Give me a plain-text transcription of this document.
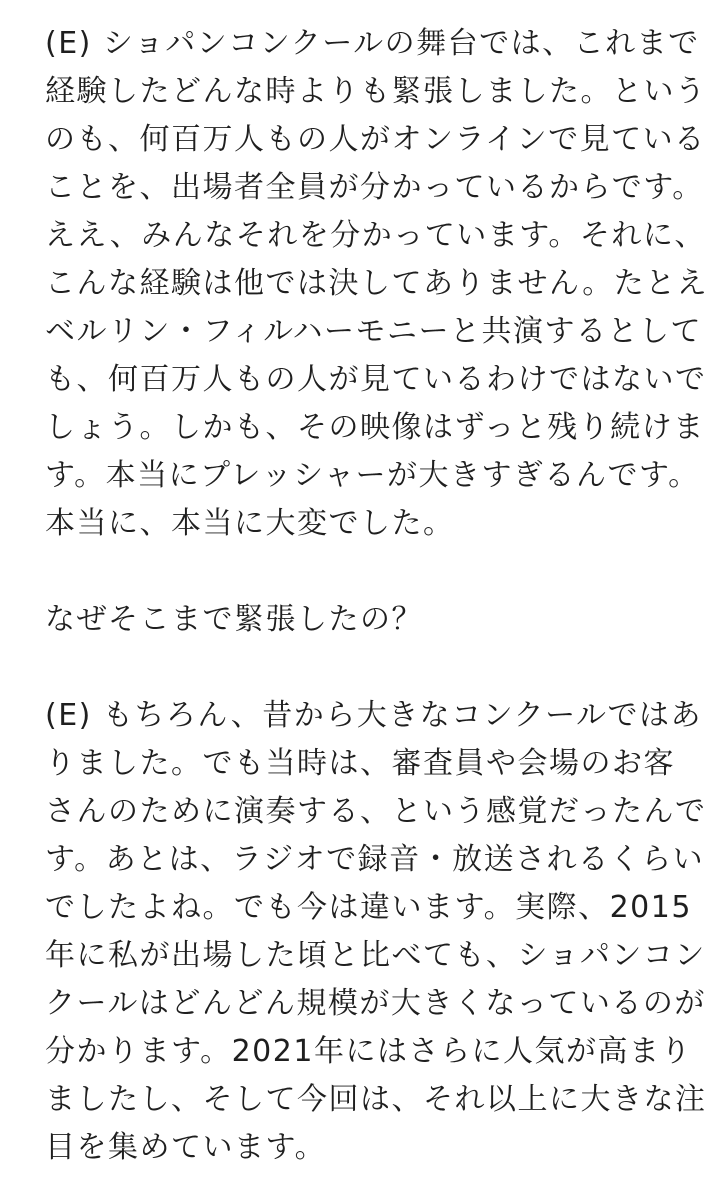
(E) ショパンコンクールの舞台では、これまで
経験したどんな時よりも緊張しました。という
のも、何百万人もの人がオンラインで見ている
ことを、出場者全員が分かっているからです。
ええ、みんなそれを分かっています。それに、
こんな経験は他では決してありません。たとえ
ベルリン・フィルハーモニーと共演するとして
も、何百万人もの人が見ているわけではないで
しょう。しかも、その映像はずっと残り続けま
す。本当にプレッシャーが大きすぎるんです。
本当に、本当に大変でした。
なぜそこまで緊張したの？
(E) もちろん、昔から大きなコンクールではあ
りました。でも当時は、審査員や会場のお客
さんのために演奏する、という感覚だったんで
す。あとは、ラジオで録音・放送されるくらい
でしたよね。でも今は違います。実際、2015
年に私が出場した頃と比べても、ショパンコン
クールはどんどん規模が大きくなっているのが
分かります。2021年にはさらに人気が高まり
ましたし、そして今回は、それ以上に大きな注
目を集めています。
